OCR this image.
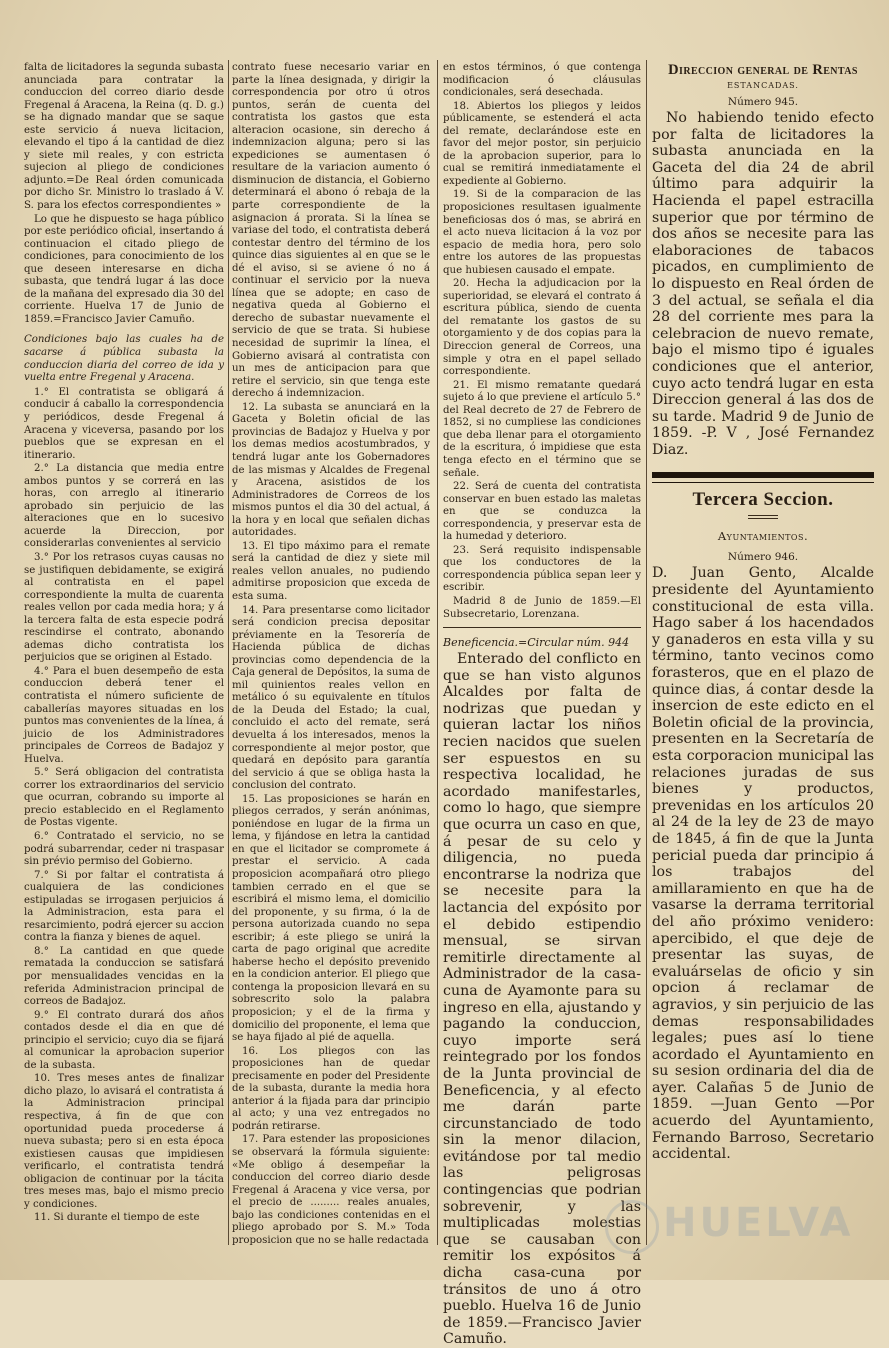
falta de licitadores la segunda subasta anunciada para contratar la conduccion del correo diario desde Fregenal á Aracena, la Reina (q. D. g.) se ha dignado mandar que se saque este servicio á nueva licitacion, elevando el tipo á la cantidad de diez y siete mil reales, y con estricta sujecion al pliego de condiciones adjunto.=De Real órden comunicada por dicho Sr. Ministro lo traslado á V. S. para los efectos correspondientes »

Lo que he dispuesto se haga público por este periódico oficial, insertando á continuacion el citado pliego de condiciones, para conocimiento de los que deseen interesarse en dicha subasta, que tendrá lugar á las doce de la mañana del expresado dia 30 del corriente. Huelva 17 de Junio de 1859.=Francisco Javier Camuño.

Condiciones bajo las cuales ha de sacarse á pública subasta la conduccion diaria del correo de ida y vuelta entre Fregenal y Aracena.

1.° El contratista se obligará á conducir á caballo la correspondencia y periódicos, desde Fregenal á Aracena y viceversa, pasando por los pueblos que se expresan en el itinerario.

2.° La distancia que media entre ambos puntos y se correrá en las horas, con arreglo al itinerario aprobado sin perjuicio de las alteraciones que en lo sucesivo acuerde la Direccion, por considerarlas convenientes al servicio

3.° Por los retrasos cuyas causas no se justifiquen debidamente, se exigirá al contratista en el papel correspondiente la multa de cuarenta reales vellon por cada media hora; y á la tercera falta de esta especie podrá rescindirse el contrato, abonando ademas dicho contratista los perjuicios que se originen al Estado.

4.° Para el buen desempeño de esta conduccion deberá tener el contratista el número suficiente de caballerías mayores situadas en los puntos mas convenientes de la línea, á juicio de los Administradores principales de Correos de Badajoz y Huelva.

5.° Será obligacion del contratista correr los extraordinarios del servicio que ocurran, cobrando su importe al precio establecido en el Reglamento de Postas vigente.

6.° Contratado el servicio, no se podrá subarrendar, ceder ni traspasar sin prévio permiso del Gobierno.

7.° Si por faltar el contratista á cualquiera de las condiciones estipuladas se irrogasen perjuicios á la Administracion, esta para el resarcimiento, podrá ejercer su accion contra la fianza y bienes de aquel.

8.° La cantidad en que quede rematada la conduccion se satisfará por mensualidades vencidas en la referida Administracion principal de correos de Badajoz.

9.° El contrato durará dos años contados desde el dia en que dé principio el servicio; cuyo dia se fijará al comunicar la aprobacion superior de la subasta.

10. Tres meses antes de finalizar dicho plazo, lo avisará el contratista á la Administracion principal respectiva, á fin de que con oportunidad pueda procederse á nueva subasta; pero si en esta época existiesen causas que impidiesen verificarlo, el contratista tendrá obligacion de continuar por la tácita tres meses mas, bajo el mismo precio y condiciones.

11. Si durante el tiempo de este

contrato fuese necesario variar en parte la línea designada, y dirigir la correspondencia por otro ú otros puntos, serán de cuenta del contratista los gastos que esta alteracion ocasione, sin derecho á indemnizacion alguna; pero si las expediciones se aumentasen ó resultare de la variacion aumento ó disminucion de distancia, el Gobierno determinará el abono ó rebaja de la parte correspondiente de la asignacion á prorata. Si la línea se variase del todo, el contratista deberá contestar dentro del término de los quince dias siguientes al en que se le dé el aviso, si se aviene ó no á continuar el servicio por la nueva línea que se adopte; en caso de negativa queda al Gobierno el derecho de subastar nuevamente el servicio de que se trata. Si hubiese necesidad de suprimir la línea, el Gobierno avisará al contratista con un mes de anticipacion para que retire el servicio, sin que tenga este derecho á indemnizacion.

12. La subasta se anunciará en la Gaceta y Boletin oficial de las provincias de Badajoz y Huelva y por los demas medios acostumbrados, y tendrá lugar ante los Gobernadores de las mismas y Alcaldes de Fregenal y Aracena, asistidos de los Administradores de Correos de los mismos puntos el dia 30 del actual, á la hora y en local que señalen dichas autoridades.

13. El tipo máximo para el remate será la cantidad de diez y siete mil reales vellon anuales, no pudiendo admitirse proposicion que exceda de esta suma.

14. Para presentarse como licitador será condicion precisa depositar préviamente en la Tesorería de Hacienda pública de dichas provincias como dependencia de la Caja general de Depósitos, la suma de mil quinientos reales vellon en metálico ó su equivalente en títulos de la Deuda del Estado; la cual, concluido el acto del remate, será devuelta á los interesados, menos la correspondiente al mejor postor, que quedará en depósito para garantía del servicio á que se obliga hasta la conclusion del contrato.

15. Las proposiciones se harán en pliegos cerrados, y serán anónimas, poniéndose en lugar de la firma un lema, y fijándose en letra la cantidad en que el licitador se compromete á prestar el servicio. A cada proposicion acompañará otro pliego tambien cerrado en el que se escribirá el mismo lema, el domicilio del proponente, y su firma, ó la de persona autorizada cuando no sepa escribir; á este pliego se unirá la carta de pago original que acredite haberse hecho el depósito prevenido en la condicion anterior. El pliego que contenga la proposicion llevará en su sobrescrito solo la palabra proposicion; y el de la firma y domicilio del proponente, el lema que se haya fijado al pié de aquella.

16. Los pliegos con las proposiciones han de quedar precisamente en poder del Presidente de la subasta, durante la media hora anterior á la fijada para dar principio al acto; y una vez entregados no podrán retirarse.

17. Para estender las proposiciones se observará la fórmula siguiente: «Me obligo á desempeñar la conduccion del correo diario desde Fregenal á Aracena y vice versa, por el precio de ......... reales anuales, bajo las condiciones contenidas en el pliego aprobado por S. M.» Toda proposicion que no se halle redactada

en estos términos, ó que contenga modificacion ó cláusulas condicionales, será desechada.

18. Abiertos los pliegos y leidos públicamente, se estenderá el acta del remate, declarándose este en favor del mejor postor, sin perjuicio de la aprobacion superior, para lo cual se remitirá inmediatamente el expediente al Gobierno.

19. Si de la comparacion de las proposiciones resultasen igualmente beneficiosas dos ó mas, se abrirá en el acto nueva licitacion á la voz por espacio de media hora, pero solo entre los autores de las propuestas que hubiesen causado el empate.

20. Hecha la adjudicacion por la superioridad, se elevará el contrato á escritura pública, siendo de cuenta del rematante los gastos de su otorgamiento y de dos copias para la Direccion general de Correos, una simple y otra en el papel sellado correspondiente.

21. El mismo rematante quedará sujeto á lo que previene el artículo 5.° del Real decreto de 27 de Febrero de 1852, si no cumpliese las condiciones que deba llenar para el otorgamiento de la escritura, ó impidiese que esta tenga efecto en el término que se señale.

22. Será de cuenta del contratista conservar en buen estado las maletas en que se conduzca la correspondencia, y preservar esta de la humedad y deterioro.

23. Será requisito indispensable que los conductores de la correspondencia pública sepan leer y escribir.

Madrid 8 de Junio de 1859.—El Subsecretario, Lorenzana.

Beneficencia.=Circular núm. 944

Enterado del conflicto en que se han visto algunos Alcaldes por falta de nodrizas que puedan y quieran lactar los niños recien nacidos que suelen ser espuestos en su respectiva localidad, he acordado manifestarles, como lo hago, que siempre que ocurra un caso en que, á pesar de su celo y diligencia, no pueda encontrarse la nodriza que se necesite para la lactancia del expósito por el debido estipendio mensual, se sirvan remitirle directamente al Administrador de la casa-cuna de Ayamonte para su ingreso en ella, ajustando y pagando la conduccion, cuyo importe será reintegrado por los fondos de la Junta provincial de Beneficencia, y al efecto me darán parte circunstanciado de todo sin la menor dilacion, evitándose por tal medio las peligrosas contingencias que podrian sobrevenir, y las multiplicadas molestias que se causaban con remitir los expósitos á dicha casa-cuna por tránsitos de uno á otro pueblo. Huelva 16 de Junio de 1859.—Francisco Javier Camuño.

Direccion general de Rentas

ESTANCADAS.

Número 945.

No habiendo tenido efecto por falta de licitadores la subasta anunciada en la Gaceta del dia 24 de abril último para adquirir la Hacienda el papel estracilla superior que por término de dos años se necesite para las elaboraciones de tabacos picados, en cumplimiento de lo dispuesto en Real órden de 3 del actual, se señala el dia 28 del corriente mes para la celebracion de nuevo remate, bajo el mismo tipo é iguales condiciones que el anterior, cuyo acto tendrá lugar en esta Direccion general á las dos de su tarde. Madrid 9 de Junio de 1859. -P. V , José Fernandez Diaz.

Tercera Seccion.

Ayuntamientos.

Número 946.

D. Juan Gento, Alcalde presidente del Ayuntamiento constitucional de esta villa. Hago saber á los hacendados y ganaderos en esta villa y su término, tanto vecinos como forasteros, que en el plazo de quince dias, á contar desde la insercion de este edicto en el Boletin oficial de la provincia, presenten en la Secretaría de esta corporacion municipal las relaciones juradas de sus bienes y productos, prevenidas en los artículos 20 al 24 de la ley de 23 de mayo de 1845, á fin de que la Junta pericial pueda dar principio á los trabajos del amillaramiento en que ha de vasarse la derrama territorial del año próximo venidero: apercibido, el que deje de presentar las suyas, de evaluárselas de oficio y sin opcion á reclamar de agravios, y sin perjuicio de las demas responsabilidades legales; pues así lo tiene acordado el Ayuntamiento en su sesion ordinaria del dia de ayer. Calañas 5 de Junio de 1859. —Juan Gento —Por acuerdo del Ayuntamiento, Fernando Barroso, Secretario accidental.

HUELVA
